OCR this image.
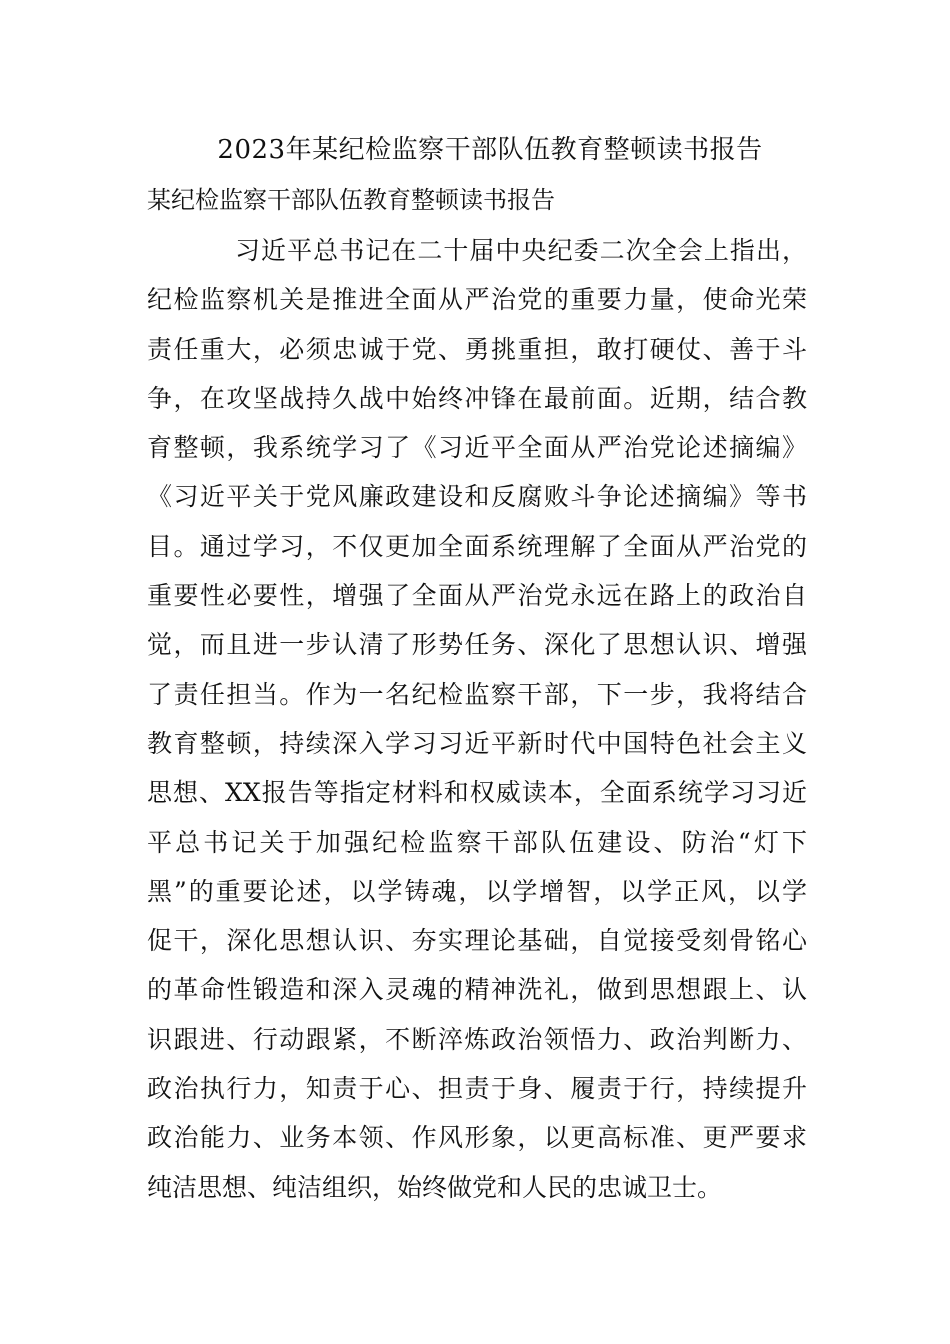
2023年某纪检监察干部队伍教育整顿读书报告
某纪检监察干部队伍教育整顿读书报告
习近平总书记在二十届中央纪委二次全会上指出，
纪检监察机关是推进全面从严治党的重要力量，使命光荣
责任重大，必须忠诚于党、勇挑重担，敢打硬仗、善于斗
争，在攻坚战持久战中始终冲锋在最前面。近期，结合教
育整顿，我系统学习了《习近平全面从严治党论述摘编》
《习近平关于党风廉政建设和反腐败斗争论述摘编》等书
目。通过学习，不仅更加全面系统理解了全面从严治党的
重要性必要性，增强了全面从严治党永远在路上的政治自
觉，而且进一步认清了形势任务、深化了思想认识、增强
了责任担当。作为一名纪检监察干部，下一步，我将结合
教育整顿，持续深入学习习近平新时代中国特色社会主义
思想、XX报告等指定材料和权威读本，全面系统学习习近
平总书记关于加强纪检监察干部队伍建设、防治“灯下
黑”的重要论述，以学铸魂，以学增智，以学正风，以学
促干，深化思想认识、夯实理论基础，自觉接受刻骨铭心
的革命性锻造和深入灵魂的精神洗礼，做到思想跟上、认
识跟进、行动跟紧，不断淬炼政治领悟力、政治判断力、
政治执行力，知责于心、担责于身、履责于行，持续提升
政治能力、业务本领、作风形象，以更高标准、更严要求
纯洁思想、纯洁组织，始终做党和人民的忠诚卫士。
